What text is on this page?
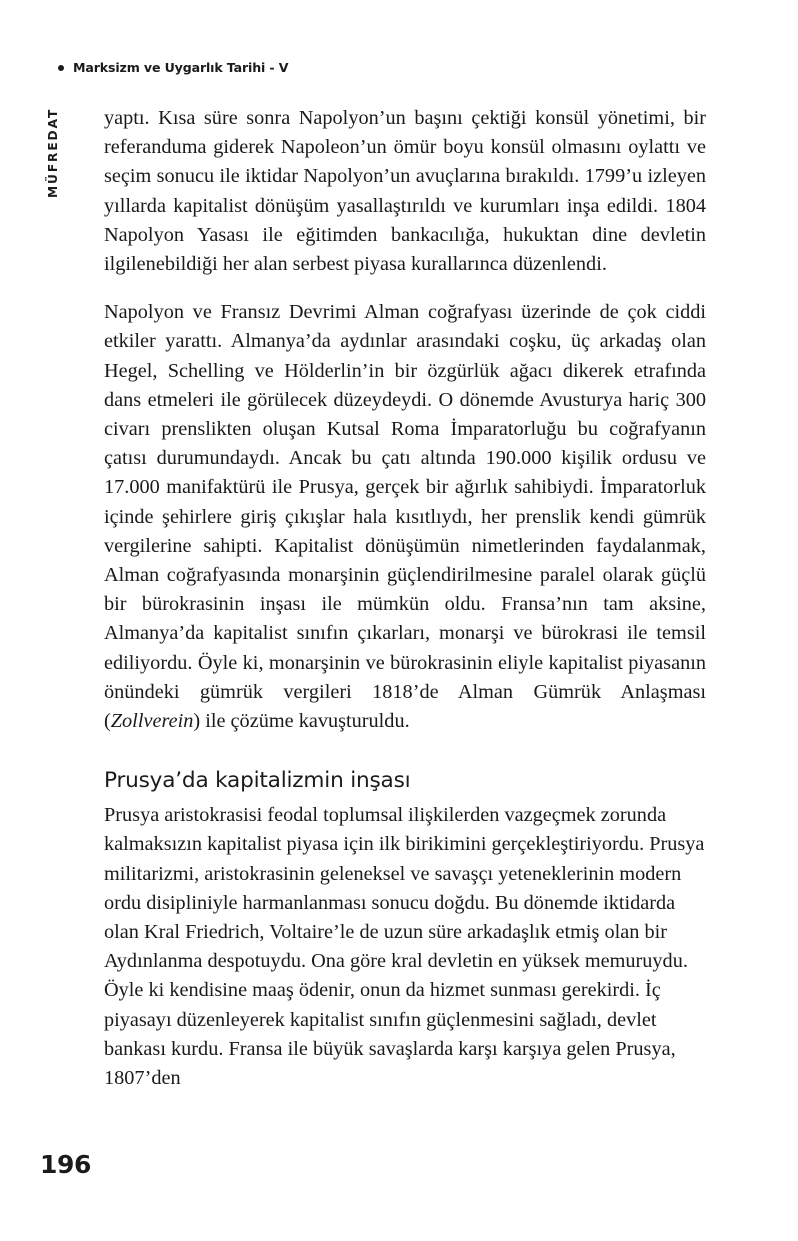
Marksizm ve Uygarlık Tarihi - V
MÜFREDAT yaptı. Kısa süre sonra Napolyon’un başını çektiği konsül yönetimi, bir referanduma giderek Napoleon’un ömür boyu konsül olmasını oylattı ve seçim sonucu ile iktidar Napolyon’un avuçlarına bırakıldı. 1799’u izleyen yıllarda kapitalist dönüşüm yasallaştırıldı ve kurumları inşa edildi. 1804 Napolyon Yasası ile eğitimden bankacılığa, hukuktan dine devletin ilgilenebildiği her alan serbest piyasa kurallarınca düzenlendi.

Napolyon ve Fransız Devrimi Alman coğrafyası üzerinde de çok ciddi etkiler yarattı. Almanya’da aydınlar arasındaki coşku, üç arkadaş olan Hegel, Schelling ve Hölderlin’in bir özgürlük ağacı dikerek etrafında dans etmeleri ile görülecek düzeydeydi. O dönemde Avusturya hariç 300 civarı prenslikten oluşan Kutsal Roma İmparatorluğu bu coğrafyanın çatısı durumundaydı. Ancak bu çatı altında 190.000 kişilik ordusu ve 17.000 manifaktürü ile Prusya, gerçek bir ağırlık sahibiydi. İmparatorluk içinde şehirlere giriş çıkışlar hala kısıtlıydı, her prenslik kendi gümrük vergilerine sahipti. Kapitalist dönüşümün nimetlerinden faydalanmak, Alman coğrafyasında monarşinin güçlendirilmesine paralel olarak güçlü bir bürokrasinin inşası ile mümkün oldu. Fransa’nın tam aksine, Almanya’da kapitalist sınıfın çıkarları, monarşi ve bürokrasi ile temsil ediliyordu. Öyle ki, monarşinin ve bürokrasinin eliyle kapitalist piyasanın önündeki gümrük vergileri 1818’de Alman Gümrük Anlaşması (Zollverein) ile çözüme kavuşturuldu.

Prusya’da kapitalizmin inşası

Prusya aristokrasisi feodal toplumsal ilişkilerden vazgeçmek zorunda kalmaksızın kapitalist piyasa için ilk birikimini gerçekleştiriyordu. Prusya militarizmi, aristokrasinin geleneksel ve savaşçı yeteneklerinin modern ordu disipliniyle harmanlanması sonucu doğdu. Bu dönemde iktidarda olan Kral Friedrich, Voltaire’le de uzun süre arkadaşlık etmiş olan bir Aydınlanma despotuydu. Ona göre kral devletin en yüksek memuruydu. Öyle ki kendisine maaş ödenir, onun da hizmet sunması gerekirdi. İç piyasayı düzenleyerek kapitalist sınıfın güçlenmesini sağladı, devlet bankası kurdu. Fransa ile büyük savaşlarda karşı karşıya gelen Prusya, 1807’den

196
